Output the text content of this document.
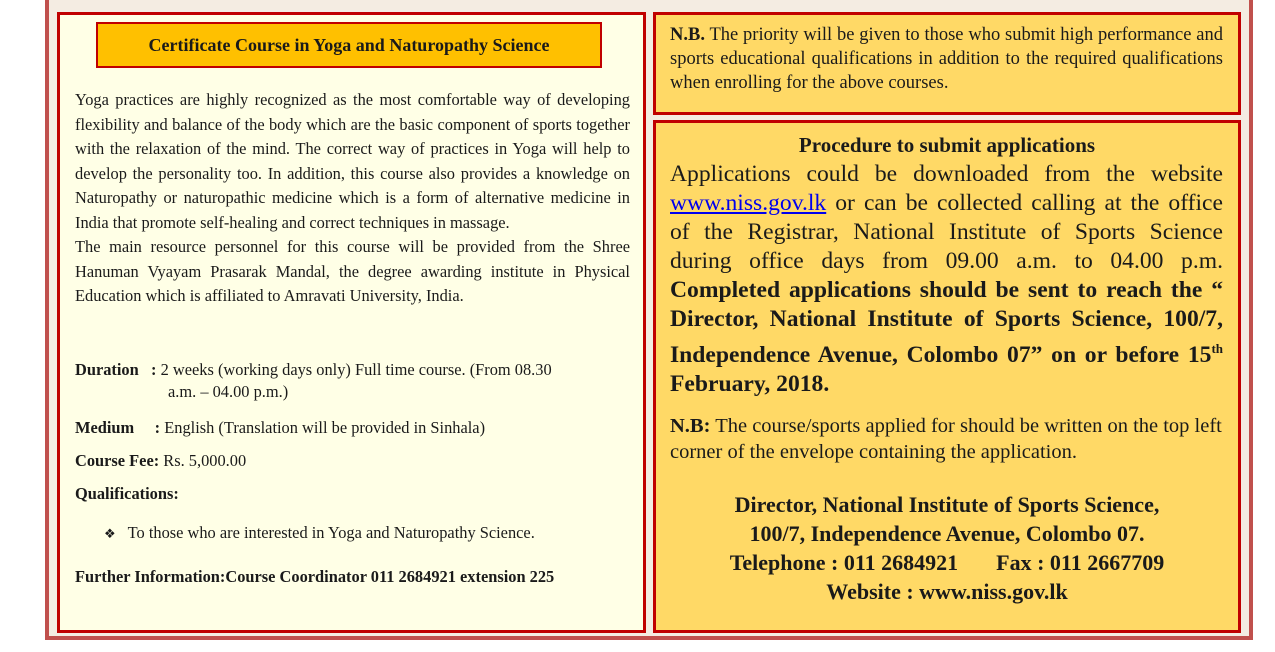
Certificate Course in Yoga and Naturopathy Science

Yoga practices are highly recognized as the most comfortable way of developing flexibility and balance of the body which are the basic component of sports together with the relaxation of the mind. The correct way of practices in Yoga will help to develop the personality too. In addition, this course also provides a knowledge on Naturopathy or naturopathic medicine which is a form of alternative medicine in India that promote self-healing and correct techniques in massage.

The main resource personnel for this course will be provided from the Shree Hanuman Vyayam Prasarak Mandal, the degree awarding institute in Physical Education which is affiliated to Amravati University, India.

Duration   : 2 weeks (working days only) Full time course. (From 08.30
a.m. – 04.00 p.m.)
Medium     : English (Translation will be provided in Sinhala)
Course Fee: Rs. 5,000.00
Qualifications:
❖ To those who are interested in Yoga and Naturopathy Science.
Further Information:Course Coordinator 011 2684921 extension 225
N.B. The priority will be given to those who submit high performance and sports educational qualifications in addition to the required qualifications when enrolling for the above courses.
Procedure to submit applications
Applications could be downloaded from the website www.niss.gov.lk or can be collected calling at the office of the Registrar, National Institute of Sports Science during office days from 09.00 a.m. to 04.00 p.m. Completed applications should be sent to reach the “ Director, National Institute of Sports Science, 100/7, Independence Avenue, Colombo 07” on or before 15th February, 2018.
N.B: The course/sports applied for should be written on the top left corner of the envelope containing the application.
Director, National Institute of Sports Science,
100/7, Independence Avenue, Colombo 07.
Telephone : 011 2684921 Fax : 011 2667709
Website : www.niss.gov.lk
